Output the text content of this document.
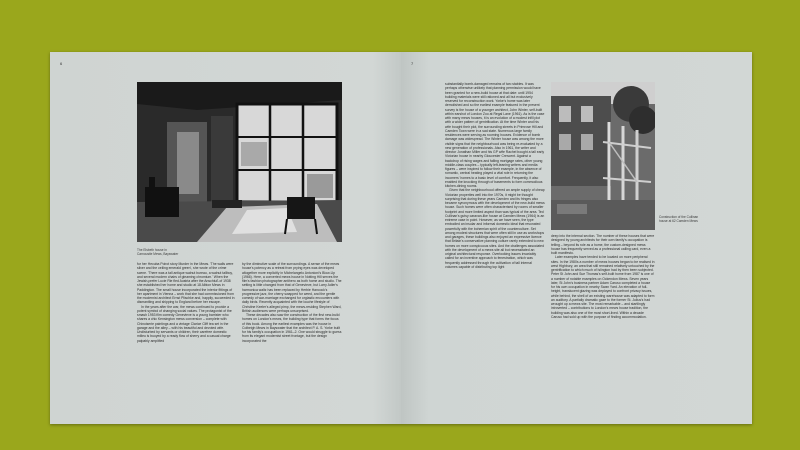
6
The Elsbeth house in Carnoustie Mews, Bayswater

for her Hecuba Poirot story Murder in the Mews. 'The walls were silver and the ceiling emerald green', she wrote of the crime scene. 'There was a tall antique walnut bureau, a walnut tallboy, and several modern chairs of gleaming chromium.' When the Jewish-prefer Lucie Rie fled Austria after the Anschluß of 1938 she established her home and studio at 18 Albion Mews in Paddington. The small house incorporated the interior fittings of her apartment in Vienna – work that she had commissioned from the modernist architect Ernst Plischke and, happily, succeeded in dismantling and shipping to England before her escape.

In the years after the war, the mews continued to provide a potent symbol of changing social values. The protagonist of the smash 1953 film comedy Genevieve is a young barrister who shares a chic Kensington mews conversion – complete with Chinoiserie paintings and a vintage Clarice Cliff tea set in the garage and the alley – with his beautiful and devoted wife. Undisturbed by servants or children, their carefree domestic milieu is buoyed by a ready flow of sherry and a casual charge palpably amplified

by the diminutive scale of the surroundings. A sense of the mews house's potency as a retreat from prying eyes was developed altogether more explicitly in Michelangelo Antonioni's Blow-Up (1966). Here, a converted mews house in Notting Hill serves the film's fashion photographer antihero as both home and studio. The setting is little changed from that of Genevieve, but Larry Adler's harmonica waltz has been replaced by Herbie Hancock's progressive jazz, the cherry swapped for weed, and the gentle comedy of war-marriage exchanged for orgiastic encounters with daily birds. Recently acquainted with the louche lifestyle of Christine Keeler's alleged pimp, the mews-residing Stephen Ward, British audiences were perhaps unsurprised.

These decades also saw the construction of the first new-build homes on London's mews, the building type that forms the focus of this book. Among the earliest examples was the house in Colbeigh Mews in Bayswater that the architect P. A. S. Yorke built for his family's occupation in 1961–2. One would struggle to guess from its elegant modernist street frontage, but the design incorporated the

7

substantially bomb-damaged remains of two stables. It was perhaps otherwise unlikely that planning permission would have been granted for a new-build house at that date: until 1954 building materials were still rationed and all but exclusively reserved for reconstruction work. Yorke's home was later demolished and so the earliest example featured in the present survey is the house of a younger architect, John Winter, self-built within earshot of London Zoo at Regal Lane (1961). As is the case with many mews houses, it is an evolution of a modest infill plot with a wider pattern of gentrification. At the time Winter and his wife bought their plot, the surrounding streets in Primrose Hill and Camden Town were in a sad state. Numerous large family residences were serving as rooming houses. Evidence of bomb damage was widespread. The Winter house was among the more visible signs that the neighbourhood was being re-evaluated by a new generation of professionals. Also in 1961, the writer and director Jonathan Miller and his GP wife Rachel bought a tall early Victorian house in nearby Gloucester Crescent. Against a backdrop of rising wages and falling mortgage rates, other young middle-class couples – typically left-leaning writers and media figures – were inspired to follow their example, in the absence of romantic, central heating played a vital role in returning the incomers' homes to a basic level of comfort. Frequently, it also enabled the knocking through of basements to form commodious kitchen-dining rooms.

Given that the neighbourhood offered an ample supply of cheap Victorian properties well into the 1970s, it might be thought surprising that during these years Camden and its fringes also became synonymous with the development of the new-build mews house. Such homes were often characterised by rooms of smaller footprint and more limited aspect than was typical of the area. Ted Cullinan's gutsy caravan-like house at Camden Mews (1964) is an extreme case in point. However, as we have seen, the type embodied an insular and informal domestic ideal that resonated powerfully with the bohemian spirit of the counterculture. Set among modest structures that were often still in use as workshops and garages, these buildings also enjoyed an expressive licence that Britain's conservative planning culture rarely extended to new homes on more conspicuous sites. And the challenges associated with the development of a mews site all but necessitated an original architectural response. Overlooking issues invariably called for an inventive approach to fenestration, which was frequently addressed through the cultivation of tall internal volumes capable of distributing top light

deep into the internal section. The number of these houses that were designed by young architects for their own family's occupation is telling – beyond its role as a home, the custom-designed mews house has frequently served as a professional calling card, even a built manifesto.

Later examples have tended to be located on more peripheral sites. In the 1980s a number of mews houses began to be realised in west Highbury, an area that still remained relatively untouched by the gentrification to which much of Islington had by then been subjected. Peter St John and Sue Thomas's self-built home from 1987 is one of a number of notable examples on Ockendon Mews. Seven years later, St John's business partner Adam Caruso completed a house for his own occupation in nearby Swan Yard. An elevation of full-height, translucent glazing was deployed to confront privacy issues, while behind, the shell of an existing warehouse was adapted to form an auditory. A partially dramatic gaze to the former St. Julius's had wrought up a mews site. The most remarkable – and startlingly introverted – contributions to London's mews house tradition, the building was also one of the most short-lived. Within a decade Caruso had sold up with the purpose of finding accommodation.

Construction of the Cullinan house at 62 Camden Mews
